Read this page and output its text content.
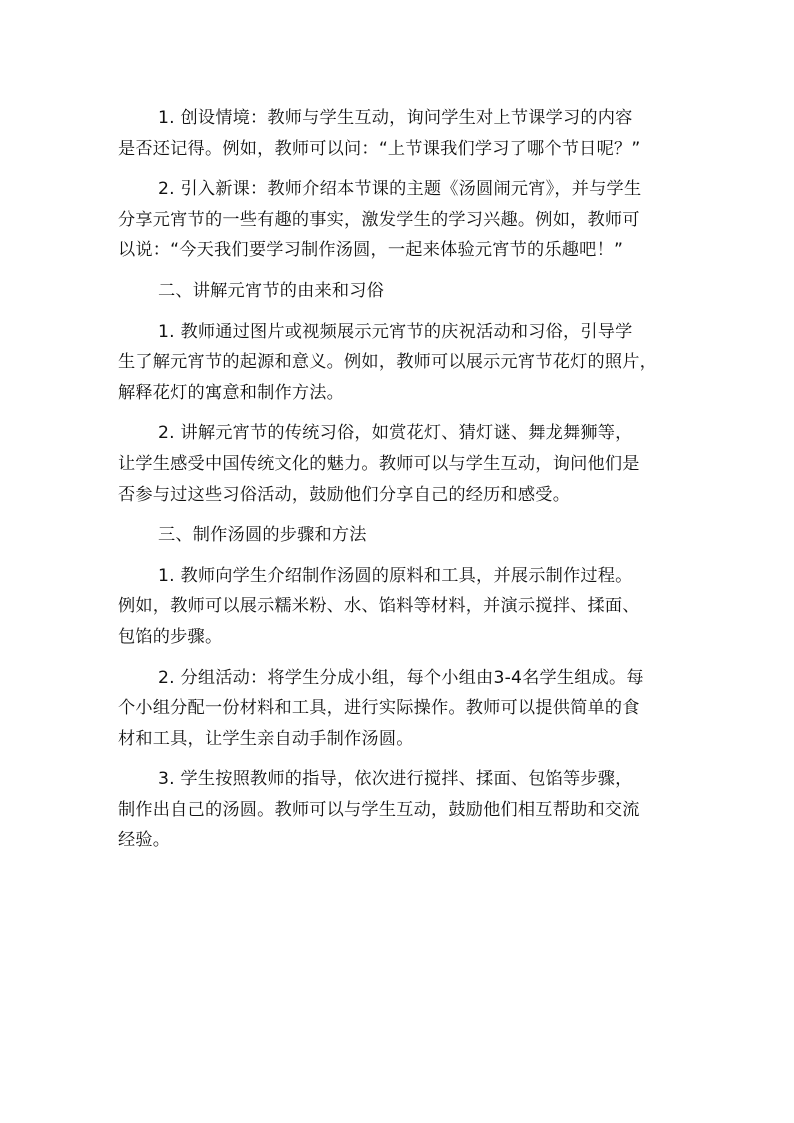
1. 创设情境：教师与学生互动，询问学生对上节课学习的内容
是否还记得。例如，教师可以问：“上节课我们学习了哪个节日呢？”

2. 引入新课：教师介绍本节课的主题《汤圆闹元宵》，并与学生
分享元宵节的一些有趣的事实，激发学生的学习兴趣。例如，教师可
以说：“今天我们要学习制作汤圆，一起来体验元宵节的乐趣吧！”

二、讲解元宵节的由来和习俗

1. 教师通过图片或视频展示元宵节的庆祝活动和习俗，引导学
生了解元宵节的起源和意义。例如，教师可以展示元宵节花灯的照片，
解释花灯的寓意和制作方法。

2. 讲解元宵节的传统习俗，如赏花灯、猜灯谜、舞龙舞狮等，
让学生感受中国传统文化的魅力。教师可以与学生互动，询问他们是
否参与过这些习俗活动，鼓励他们分享自己的经历和感受。

三、制作汤圆的步骤和方法

1. 教师向学生介绍制作汤圆的原料和工具，并展示制作过程。
例如，教师可以展示糯米粉、水、馅料等材料，并演示搅拌、揉面、
包馅的步骤。

2. 分组活动：将学生分成小组，每个小组由3-4名学生组成。每
个小组分配一份材料和工具，进行实际操作。教师可以提供简单的食
材和工具，让学生亲自动手制作汤圆。

3. 学生按照教师的指导，依次进行搅拌、揉面、包馅等步骤，
制作出自己的汤圆。教师可以与学生互动，鼓励他们相互帮助和交流
经验。
